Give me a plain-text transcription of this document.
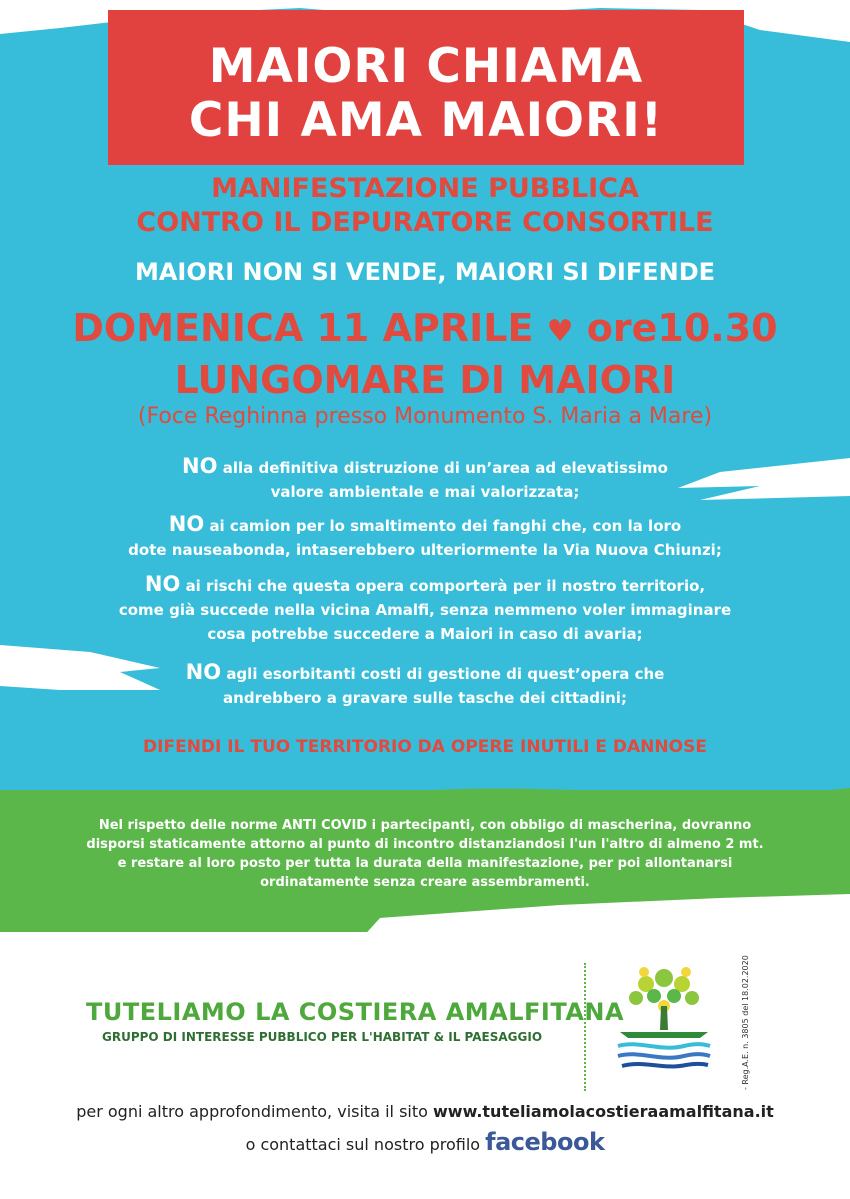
MAIORI CHIAMA
CHI AMA MAIORI!
MANIFESTAZIONE PUBBLICA
CONTRO IL DEPURATORE CONSORTILE
MAIORI NON SI VENDE, MAIORI SI DIFENDE
DOMENICA 11 APRILE ♥ ore10.30
LUNGOMARE DI MAIORI
(Foce Reghinna presso Monumento S. Maria a Mare)
NO alla definitiva distruzione di un’area ad elevatissimo
valore ambientale e mai valorizzata;
NO ai camion per lo smaltimento dei fanghi che, con la loro
dote nauseabonda, intaserebbero ulteriormente la Via Nuova Chiunzi;
NO ai rischi che questa opera comporterà per il nostro territorio,
come già succede nella vicina Amalfi, senza nemmeno voler immaginare
cosa potrebbe succedere a Maiori in caso di avaria;
NO agli esorbitanti costi di gestione di quest’opera che
andrebbero a gravare sulle tasche dei cittadini;
DIFENDI IL TUO TERRITORIO DA OPERE INUTILI E DANNOSE
Nel rispetto delle norme ANTI COVID i partecipanti, con obbligo di mascherina, dovranno
disporsi staticamente attorno al punto di incontro distanziandosi l'un l'altro di almeno 2 mt.
e restare al loro posto per tutta la durata della manifestazione, per poi allontanarsi
ordinatamente senza creare assembramenti.
TUTELIAMO LA COSTIERA AMALFITANA
GRUPPO DI INTERESSE PUBBLICO PER L'HABITAT & IL PAESAGGIO	- Reg.A.E. n. 3805 del 18.02.2020
per ogni altro approfondimento, visita il sito www.tuteliamolacostieraamalfitana.it
o contattaci sul nostro profilo facebook
